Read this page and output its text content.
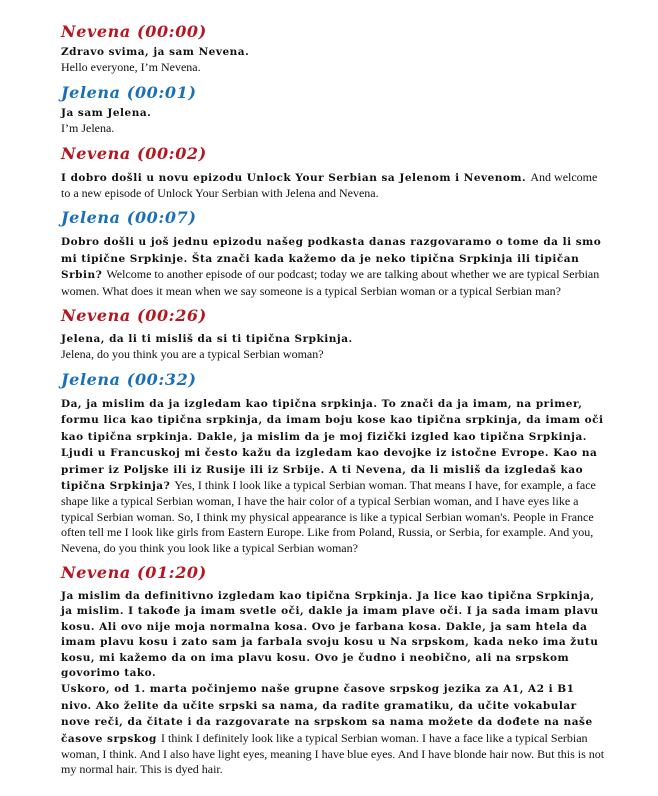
Nevena (00:00)
Zdravo svima, ja sam Nevena.
Hello everyone, I’m Nevena.
Jelena (00:01)
Ja sam Jelena.
I’m Jelena.
Nevena (00:02)
I dobro došli u novu epizodu Unlock Your Serbian sa Jelenom i Nevenom. And welcome to a new episode of Unlock Your Serbian with Jelena and Nevena.
Jelena (00:07)
Dobro došli u još jednu epizodu našeg podkasta danas razgovaramo o tome da li smo mi tipične Srpkinje. Šta znači kada kažemo da je neko tipična Srpkinja ili tipičan Srbin? Welcome to another episode of our podcast; today we are talking about whether we are typical Serbian women. What does it mean when we say someone is a typical Serbian woman or a typical Serbian man?
Nevena (00:26)
Jelena, da li ti misliš da si ti tipična Srpkinja.
Jelena, do you think you are a typical Serbian woman?
Jelena (00:32)
Da, ja mislim da ja izgledam kao tipična srpkinja. To znači da ja imam, na primer, formu lica kao tipična srpkinja, da imam boju kose kao tipična srpkinja, da imam oči kao tipična srpkinja. Dakle, ja mislim da je moj fizički izgled kao tipična Srpkinja. Ljudi u Francuskoj mi često kažu da izgledam kao devojke iz istočne Evrope. Kao na primer iz Poljske ili iz Rusije ili iz Srbije. A ti Nevena, da li misliš da izgledaš kao tipična Srpkinja? Yes, I think I look like a typical Serbian woman. That means I have, for example, a face shape like a typical Serbian woman, I have the hair color of a typical Serbian woman, and I have eyes like a typical Serbian woman. So, I think my physical appearance is like a typical Serbian woman's. People in France often tell me I look like girls from Eastern Europe. Like from Poland, Russia, or Serbia, for example. And you, Nevena, do you think you look like a typical Serbian woman?
Nevena (01:20)
Ja mislim da definitivno izgledam kao tipična Srpkinja. Ja lice kao tipična Srpkinja, ja mislim. I takođe ja imam svetle oči, dakle ja imam plave oči. I ja sada imam plavu kosu. Ali ovo nije moja normalna kosa. Ovo je farbana kosa. Dakle, ja sam htela da imam plavu kosu i zato sam ja farbala svoju kosu u Na srpskom, kada neko ima žutu kosu, mi kažemo da on ima plavu kosu. Ovo je čudno i neobično, ali na srpskom govorimo tako.
Uskoro, od 1. marta počinjemo naše grupne časove srpskog jezika za A1, A2 i B1 nivo. Ako želite da učite srpski sa nama, da radite gramatiku, da učite vokabular nove reči, da čitate i da razgovarate na srpskom sa nama možete da dođete na naše časove srpskog I think I definitely look like a typical Serbian woman. I have a face like a typical Serbian woman, I think. And I also have light eyes, meaning I have blue eyes. And I have blonde hair now. But this is not my normal hair. This is dyed hair.
